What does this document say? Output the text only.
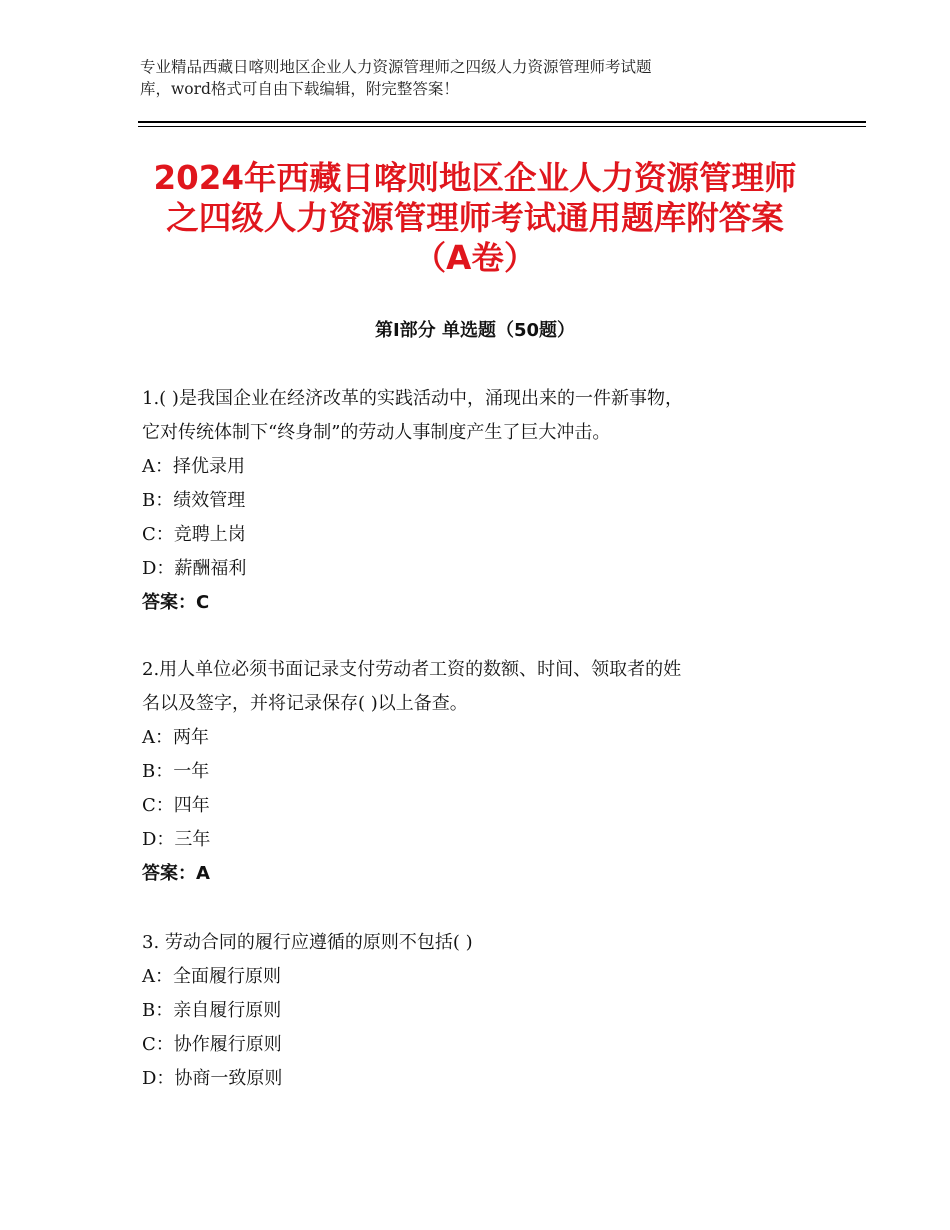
专业精品西藏日喀则地区企业人力资源管理师之四级人力资源管理师考试题
库，word格式可自由下载编辑，附完整答案！
2024年西藏日喀则地区企业人力资源管理师
之四级人力资源管理师考试通用题库附答案
（A卷）
第Ⅰ部分 单选题（50题）
1.( )是我国企业在经济改革的实践活动中，涌现出来的一件新事物，
它对传统体制下“终身制”的劳动人事制度产生了巨大冲击。
A：择优录用
B：绩效管理
C：竞聘上岗
D：薪酬福利
答案：C
2.用人单位必须书面记录支付劳动者工资的数额、时间、领取者的姓
名以及签字，并将记录保存( )以上备查。
A：两年
B：一年
C：四年
D：三年
答案：A
3. 劳动合同的履行应遵循的原则不包括( )
A：全面履行原则
B：亲自履行原则
C：协作履行原则
D：协商一致原则
